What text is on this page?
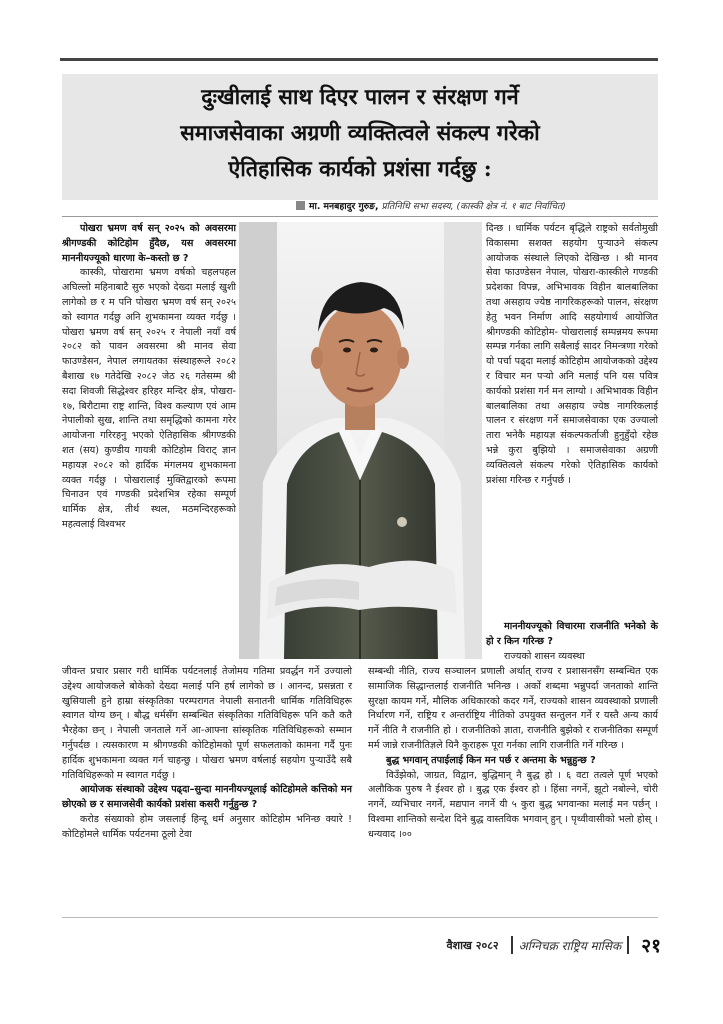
दुःखीलाई साथ दिएर पालन र संरक्षण गर्ने
समाजसेवाका अग्रणी व्यक्तित्वले संकल्प गरेको
ऐतिहासिक कार्यको प्रशंसा गर्दछु :
मा. मनबहादुर गुरुङ, प्रतिनिधि सभा सदस्य, (कास्की क्षेत्र नं. १ बाट निर्वाचित)

पोखरा भ्रमण वर्ष सन् २०२५ को अवसरमा श्रीगण्डकी कोटिहोम हुँदैछ, यस अवसरमा माननीयज्यूको धारणा के–कस्तो छ ?

कास्की, पोखरामा भ्रमण वर्षको चहलपहल अघिल्लो महिनाबाटै सुरु भएको देख्दा मलाई खुशी लागेको छ र म पनि पोखरा भ्रमण वर्ष सन् २०२५ को स्वागत गर्दछु अनि शुभकामना व्यक्त गर्दछु । पोखरा भ्रमण वर्ष सन् २०२५ र नेपाली नयाँ वर्ष २०८२ को पावन अवसरमा श्री मानव सेवा फाउण्डेसन, नेपाल लगायतका संस्थाहरूले २०८२ बैशाख १७ गतेदेखि २०८२ जेठ २६ गतेसम्म श्री सदा शिवजी सिद्धेश्वर हरिहर मन्दिर क्षेत्र, पोखरा- १७, बिरौटामा राष्ट्र शान्ति, विश्व कल्याण एवं आम नेपालीको सुख, शान्ति तथा समृद्धिको कामना गरेर आयोजना गरिरहनु भएको ऐतिहासिक श्रीगण्डकी शत (सय) कुण्डीय गायत्री कोटिहोम विराट् ज्ञान महायज्ञ २०८२ को हार्दिक मंगलमय शुभकामना व्यक्त गर्दछु । पोखरालाई मुक्तिद्वारको रूपमा चिनाउन एवं गण्डकी प्रदेशभित्र रहेका सम्पूर्ण धार्मिक क्षेत्र, तीर्थ स्थल, मठमन्दिरहरूको महत्वलाई विश्वभर

दिन्छ । धार्मिक पर्यटन बृद्धिले राष्ट्रको सर्वतोमुखी विकासमा सशक्त सहयोग पुऱ्याउने संकल्प आयोजक संस्थाले लिएको देखिन्छ । श्री मानव सेवा फाउण्डेसन नेपाल, पोखरा-कास्कीले गण्डकी प्रदेशका विपन्न, अभिभावक विहीन बालबालिका तथा असहाय ज्येष्ठ नागरिकहरूको पालन, संरक्षण हेतु भवन निर्माण आदि सहयोगार्थ आयोजित श्रीगण्डकी कोटिहोम- पोखरालाई सम्पन्नमय रूपमा सम्पन्न गर्नका लागि सबैलाई सादर निमन्त्रणा गरेको यो पर्चा पढ्दा मलाई कोटिहोम आयोजकको उद्देश्य र विचार मन पऱ्यो अनि मलाई पनि यस पवित्र कार्यको प्रशंसा गर्न मन लाग्यो । अभिभावक विहीन बालबालिका तथा असहाय ज्येष्ठ नागरिकलाई पालन र संरक्षण गर्ने समाजसेवाका एक उज्यालो तारा भनेकै महायज्ञ संकल्पकर्ताजी हुनुहुँदो रहेछ भन्ने कुरा बुझियो । समाजसेवाका अग्रणी व्यक्तित्वले संकल्प गरेको ऐतिहासिक कार्यको प्रशंसा गरिन्छ र गर्नुपर्छ ।

माननीयज्यूको विचारमा राजनीति भनेको के हो र किन गरिन्छ ?

राज्यको शासन व्यवस्था

जीवन्त प्रचार प्रसार गरी धार्मिक पर्यटनलाई तेजोमय गतिमा प्रवर्द्धन गर्ने उज्यालो उद्देश्य आयोजकले बोकेको देख्दा मलाई पनि हर्ष लागेको छ । आनन्द, प्रसन्नता र खुसियाली हुने हाम्रा संस्कृतिका परम्परागत नेपाली सनातनी धार्मिक गतिविधिहरू स्वागत योग्य छन् । बौद्ध धर्मसँग सम्बन्धित संस्कृतिका गतिविधिहरू पनि कतै कतै भैरहेका छन् । नेपाली जनताले गर्ने आ-आफ्ना सांस्कृतिक गतिविधिहरूको सम्मान गर्नुपर्दछ । त्यसकारण म श्रीगण्डकी कोटिहोमको पूर्ण सफलताको कामना गर्दै पुनः हार्दिक शुभकामना व्यक्त गर्न चाहन्छु । पोखरा भ्रमण वर्षलाई सहयोग पुऱ्याउँदै सबै गतिविधिहरूको म स्वागत गर्दछु ।

आयोजक संस्थाको उद्देश्य पढ्दा–सुन्दा माननीयज्यूलाई कोटिहोमले कत्तिको मन छोएको छ र समाजसेवी कार्यको प्रशंसा कसरी गर्नुहुन्छ ?

करोड संख्याको होम जसलाई हिन्दू धर्म अनुसार कोटिहोम भनिन्छ क्यारे ! कोटिहोमले धार्मिक पर्यटनमा ठूलो टेवा

सम्बन्धी नीति, राज्य सञ्चालन प्रणाली अर्थात् राज्य र प्रशासनसँग सम्बन्धित एक सामाजिक सिद्धान्तलाई राजनीति भनिन्छ । अर्को शब्दमा भन्नुपर्दा जनताको शान्ति सुरक्षा कायम गर्ने, मौलिक अधिकारको कदर गर्ने, राज्यको शासन व्यवस्थाको प्रणाली निर्धारण गर्ने, राष्ट्रिय र अन्तर्राष्ट्रिय नीतिको उपयुक्त सन्तुलन गर्ने र यस्तै अन्य कार्य गर्ने नीति नै राजनीति हो । राजनीतिको ज्ञाता, राजनीति बुझेको र राजनीतिका सम्पूर्ण मर्म जान्ने राजनीतिज्ञले यिनै कुराहरू पूरा गर्नका लागि राजनीति गर्ने गरिन्छ ।

बुद्ध भगवान् तपाईलाई किन मन पर्छ र अन्तमा के भन्नुहुन्छ ?

विउँझेको, जाग्रत, विद्वान, बुद्धिमान् नै बुद्ध हो । ६ वटा तत्वले पूर्ण भएको अलौकिक पुरुष नै ईश्वर हो । बुद्ध एक ईश्वर हो । हिंसा नगर्ने, झूटो नबोल्ने, चोरी नगर्ने, व्यभिचार नगर्ने, मद्यपान नगर्ने यी ५ कुरा बुद्ध भगवान्का मलाई मन पर्छन् । विश्वमा शान्तिको सन्देश दिने बुद्ध वास्तविक भगवान् हुन् । पृथ्वीवासीको भलो होस् । धन्यवाद ।००

वैशाख २०८२ अग्निचक्र राष्ट्रिय मासिक २१
